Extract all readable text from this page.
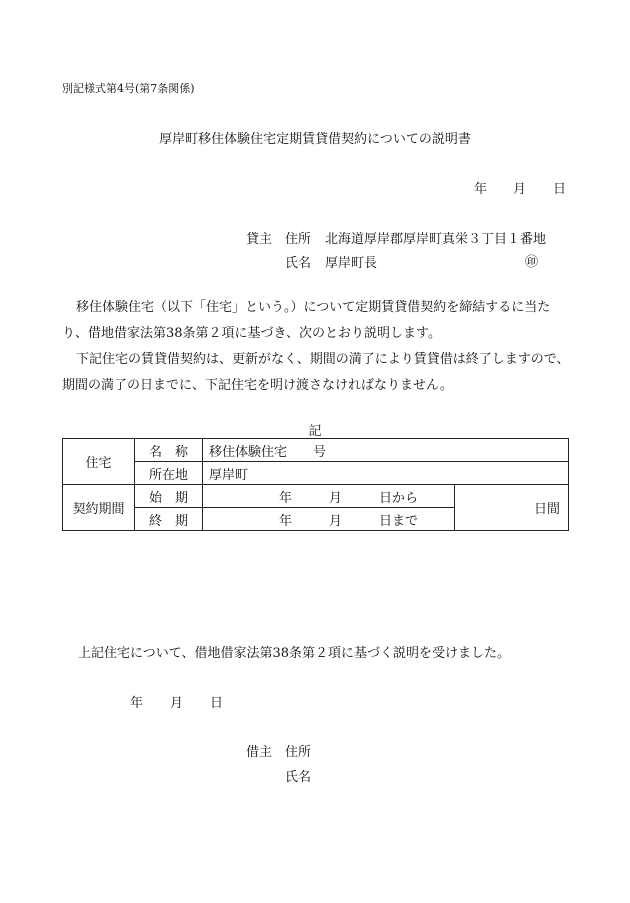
別記様式第4号(第7条関係)
厚岸町移住体験住宅定期賃貸借契約についての説明書
年 月 日
貸主 住所 北海道厚岸郡厚岸町真栄３丁目１番地
氏名 厚岸町長	㊞
移住体験住宅（以下「住宅」という。）について定期賃貸借契約を締結するに当た
り、借地借家法第38条第２項に基づき、次のとおり説明します。
下記住宅の賃貸借契約は、更新がなく、期間の満了により賃貸借は終了しますので、
期間の満了の日までに、下記住宅を明け渡さなければなりません。
記
住宅	名　称	移住体験住宅　　号	
	所在地	厚岸町	
契約期間	始　期	年 月 日から	日間
	終　期	年 月 日まで	
上記住宅について、借地借家法第38条第２項に基づく説明を受けました。
年 月 日
借主 住所
氏名
